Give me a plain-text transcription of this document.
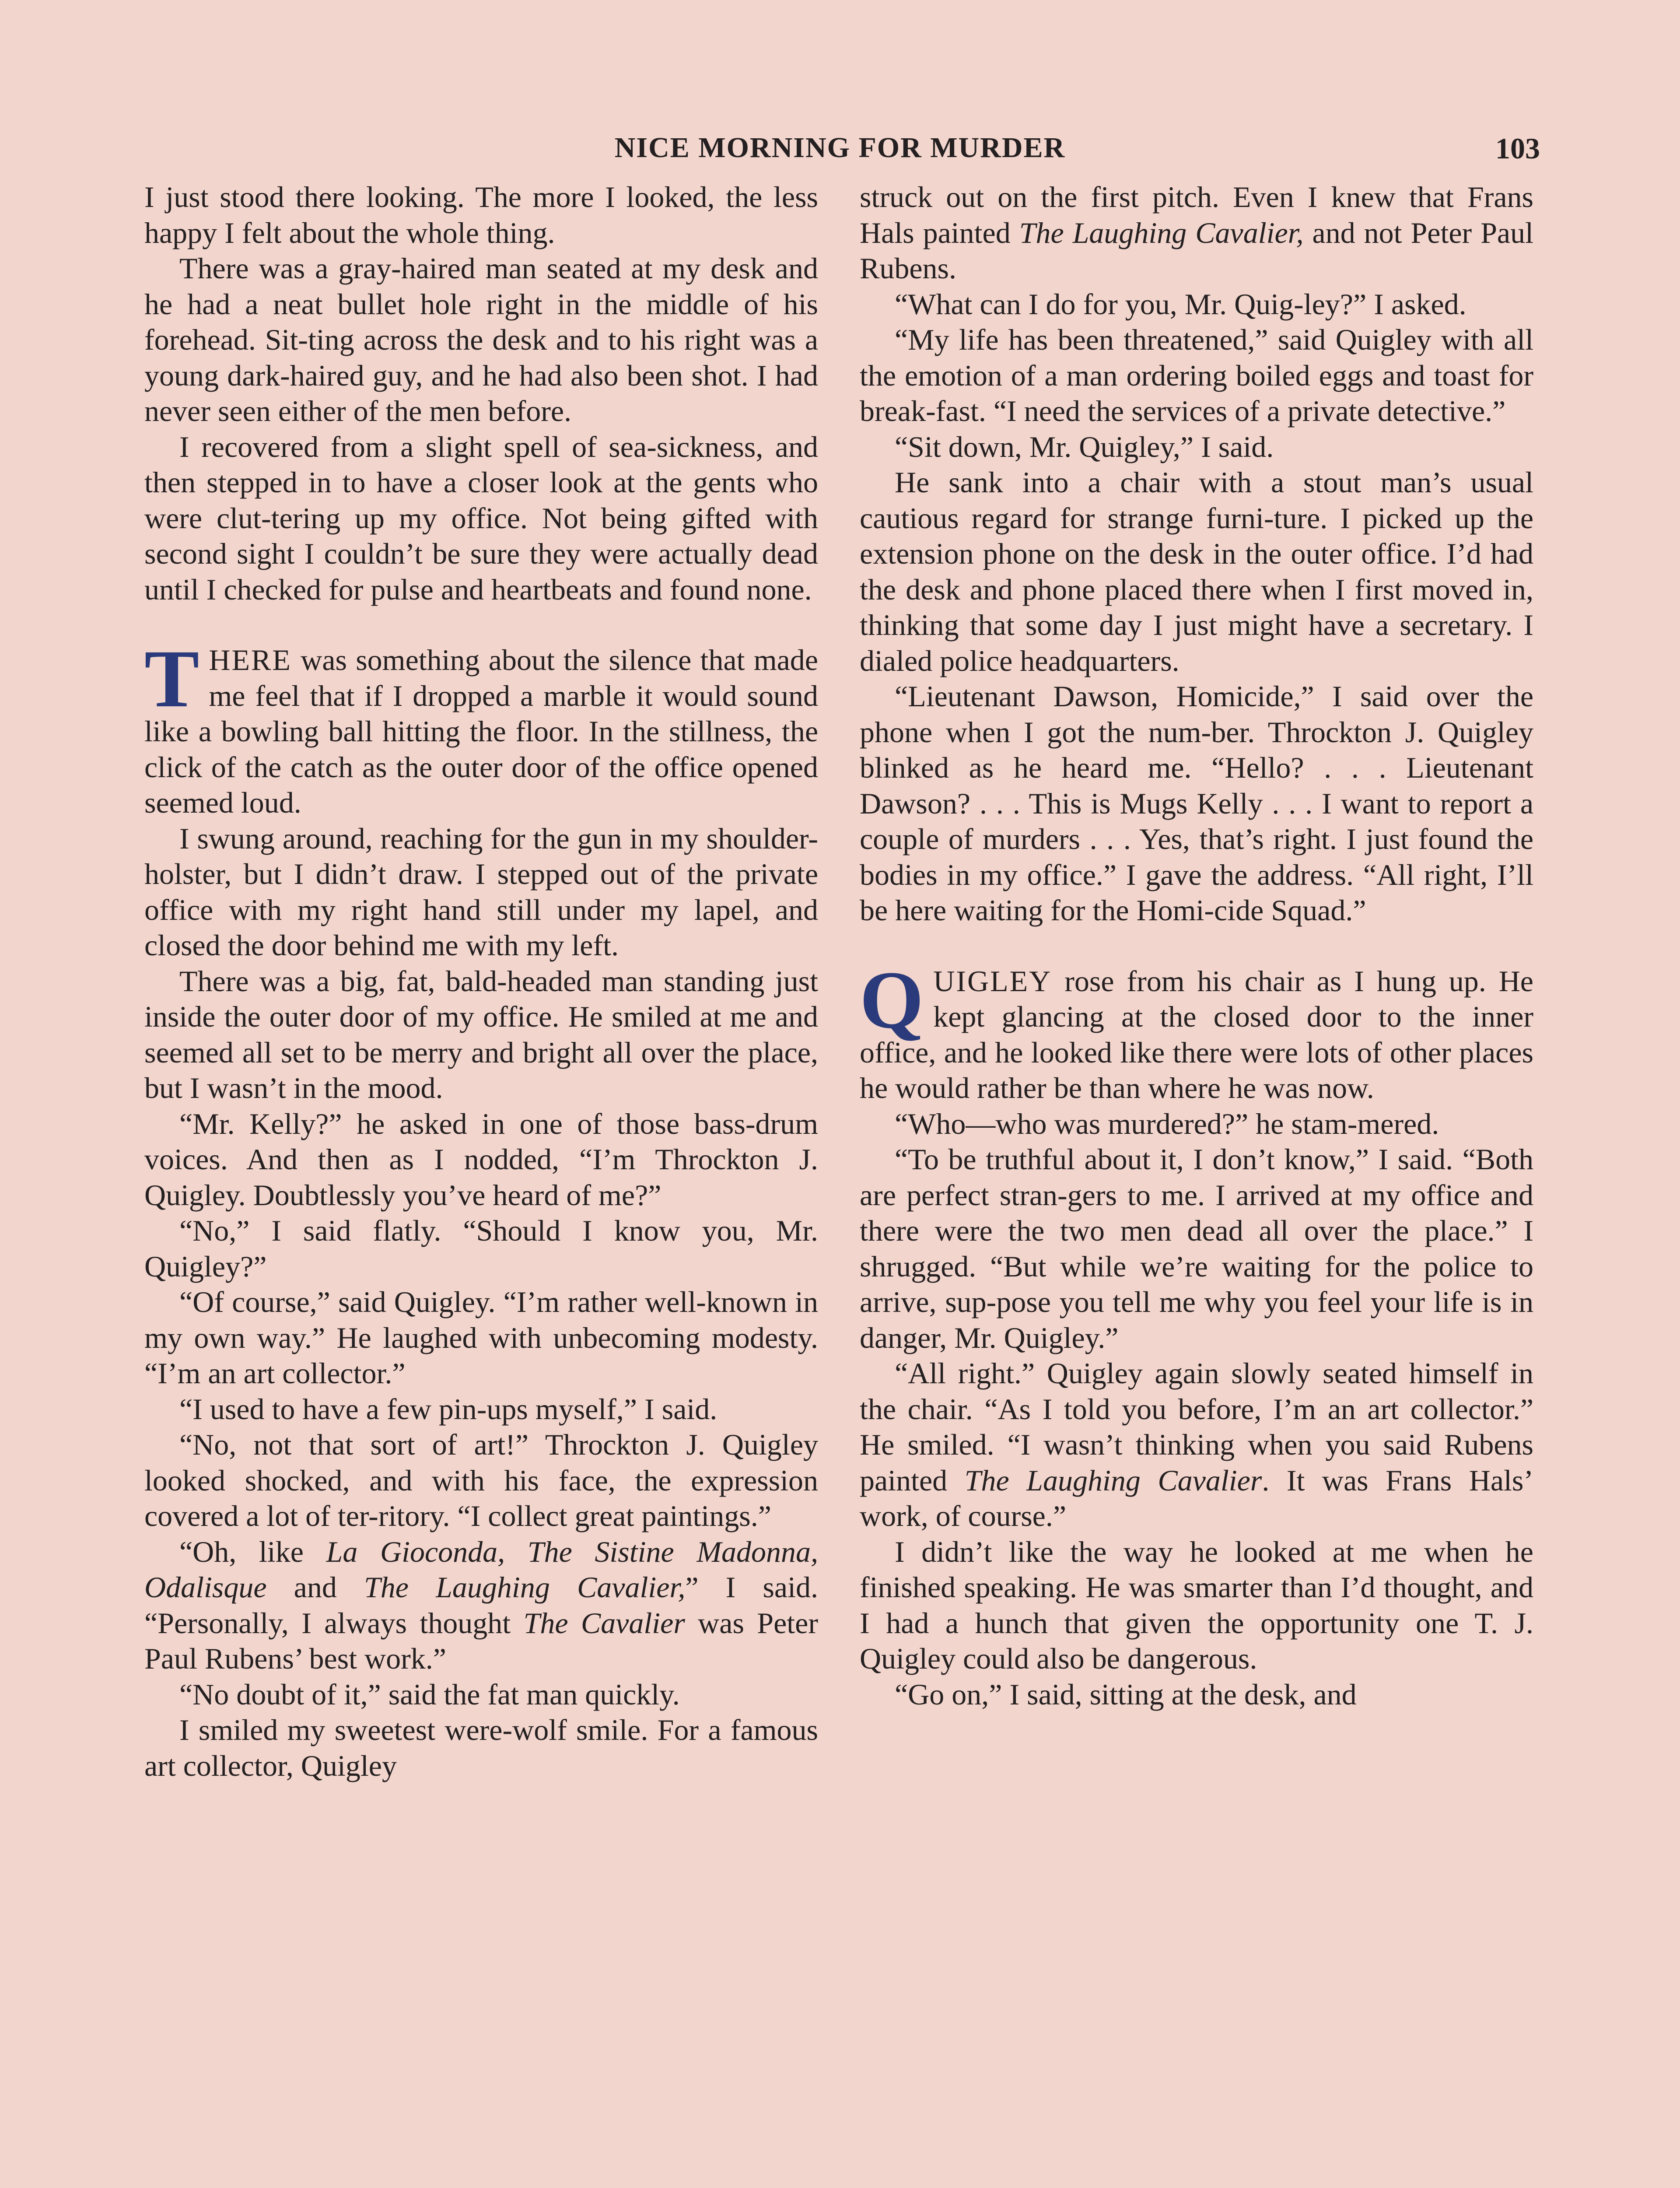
NICE MORNING FOR MURDER	103

I just stood there looking. The more I looked, the less happy I felt about the whole thing.

There was a gray-haired man seated at my desk and he had a neat bullet hole right in the middle of his forehead. Sit-ting across the desk and to his right was a young dark-haired guy, and he had also been shot. I had never seen either of the men before.

I recovered from a slight spell of sea-sickness, and then stepped in to have a closer look at the gents who were clut-tering up my office. Not being gifted with second sight I couldn’t be sure they were actually dead until I checked for pulse and heartbeats and found none.

THERE was something about the silence that made me feel that if I dropped a marble it would sound like a bowling ball hitting the floor. In the stillness, the click of the catch as the outer door of the office opened seemed loud.

I swung around, reaching for the gun in my shoulder-holster, but I didn’t draw. I stepped out of the private office with my right hand still under my lapel, and closed the door behind me with my left.

There was a big, fat, bald-headed man standing just inside the outer door of my office. He smiled at me and seemed all set to be merry and bright all over the place, but I wasn’t in the mood.

“Mr. Kelly?” he asked in one of those bass-drum voices. And then as I nodded, “I’m Throckton J. Quigley. Doubtlessly you’ve heard of me?”

“No,” I said flatly. “Should I know you, Mr. Quigley?”

“Of course,” said Quigley. “I’m rather well-known in my own way.” He laughed with unbecoming modesty. “I’m an art collector.”

“I used to have a few pin-ups myself,” I said.

“No, not that sort of art!” Throckton J. Quigley looked shocked, and with his face, the expression covered a lot of ter-ritory. “I collect great paintings.”

“Oh, like La Gioconda, The Sistine Madonna, Odalisque and The Laughing Cavalier,” I said. “Personally, I always thought The Cavalier was Peter Paul Rubens’ best work.”

“No doubt of it,” said the fat man quickly.

I smiled my sweetest were-wolf smile. For a famous art collector, Quigley

struck out on the first pitch. Even I knew that Frans Hals painted The Laughing Cavalier, and not Peter Paul Rubens.

“What can I do for you, Mr. Quig-ley?” I asked.

“My life has been threatened,” said Quigley with all the emotion of a man ordering boiled eggs and toast for break-fast. “I need the services of a private detective.”

“Sit down, Mr. Quigley,” I said.

He sank into a chair with a stout man’s usual cautious regard for strange furni-ture. I picked up the extension phone on the desk in the outer office. I’d had the desk and phone placed there when I first moved in, thinking that some day I just might have a secretary. I dialed police headquarters.

“Lieutenant Dawson, Homicide,” I said over the phone when I got the num-ber. Throckton J. Quigley blinked as he heard me. “Hello? . . . Lieutenant Dawson? . . . This is Mugs Kelly . . . I want to report a couple of murders . . . Yes, that’s right. I just found the bodies in my office.” I gave the address. “All right, I’ll be here waiting for the Homi-cide Squad.”

QUIGLEY rose from his chair as I hung up. He kept glancing at the closed door to the inner office, and he looked like there were lots of other places he would rather be than where he was now.

“Who—who was murdered?” he stam-mered.

“To be truthful about it, I don’t know,” I said. “Both are perfect stran-gers to me. I arrived at my office and there were the two men dead all over the place.” I shrugged. “But while we’re waiting for the police to arrive, sup-pose you tell me why you feel your life is in danger, Mr. Quigley.”

“All right.” Quigley again slowly seated himself in the chair. “As I told you before, I’m an art collector.” He smiled. “I wasn’t thinking when you said Rubens painted The Laughing Cavalier. It was Frans Hals’ work, of course.”

I didn’t like the way he looked at me when he finished speaking. He was smarter than I’d thought, and I had a hunch that given the opportunity one T. J. Quigley could also be dangerous.

“Go on,” I said, sitting at the desk, and
